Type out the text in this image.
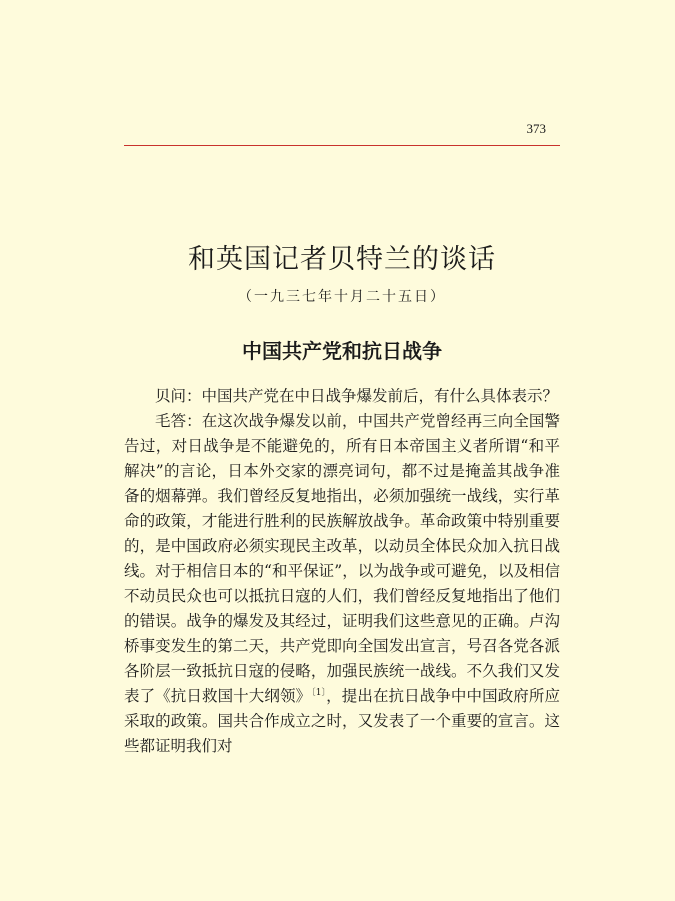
373
和英国记者贝特兰的谈话
（一九三七年十月二十五日）
中国共产党和抗日战争

贝问：中国共产党在中日战争爆发前后，有什么具体表示？

毛答：在这次战争爆发以前，中国共产党曾经再三向全国警告过，对日战争是不能避免的，所有日本帝国主义者所谓“和平解决”的言论，日本外交家的漂亮词句，都不过是掩盖其战争准备的烟幕弹。我们曾经反复地指出，必须加强统一战线，实行革命的政策，才能进行胜利的民族解放战争。革命政策中特别重要的，是中国政府必须实现民主改革，以动员全体民众加入抗日战线。对于相信日本的“和平保证”，以为战争或可避免，以及相信不动员民众也可以抵抗日寇的人们，我们曾经反复地指出了他们的错误。战争的爆发及其经过，证明我们这些意见的正确。卢沟桥事变发生的第二天，共产党即向全国发出宣言，号召各党各派各阶层一致抵抗日寇的侵略，加强民族统一战线。不久我们又发表了《抗日救国十大纲领》$^{〔1〕}$，提出在抗日战争中中国政府所应采取的政策。国共合作成立之时，又发表了一个重要的宣言。这些都证明我们对
